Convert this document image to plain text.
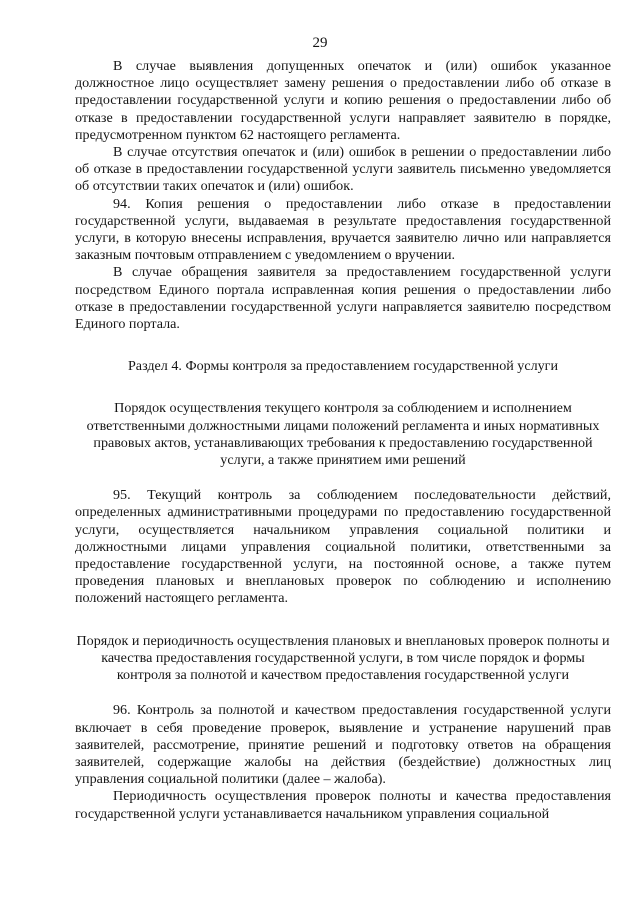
29

В случае выявления допущенных опечаток и (или) ошибок указанное должностное лицо осуществляет замену решения о предоставлении либо об отказе в предоставлении государственной услуги и копию решения о предоставлении либо об отказе в предоставлении государственной услуги направляет заявителю в порядке, предусмотренном пунктом 62 настоящего регламента.

В случае отсутствия опечаток и (или) ошибок в решении о предоставлении либо об отказе в предоставлении государственной услуги заявитель письменно уведомляется об отсутствии таких опечаток и (или) ошибок.

94. Копия решения о предоставлении либо отказе в предоставлении государственной услуги, выдаваемая в результате предоставления государственной услуги, в которую внесены исправления, вручается заявителю лично или направляется заказным почтовым отправлением с уведомлением о вручении.

В случае обращения заявителя за предоставлением государственной услуги посредством Единого портала исправленная копия решения о предоставлении либо отказе в предоставлении государственной услуги направляется заявителю посредством Единого портала.

Раздел 4. Формы контроля за предоставлением государственной услуги

Порядок осуществления текущего контроля за соблюдением и исполнением ответственными должностными лицами положений регламента и иных нормативных правовых актов, устанавливающих требования к предоставлению государственной услуги, а также принятием ими решений

95. Текущий контроль за соблюдением последовательности действий, определенных административными процедурами по предоставлению государственной услуги, осуществляется начальником управления социальной политики и должностными лицами управления социальной политики, ответственными за предоставление государственной услуги, на постоянной основе, а также путем проведения плановых и внеплановых проверок по соблюдению и исполнению положений настоящего регламента.

Порядок и периодичность осуществления плановых и внеплановых проверок полноты и качества предоставления государственной услуги, в том числе порядок и формы контроля за полнотой и качеством предоставления государственной услуги

96. Контроль за полнотой и качеством предоставления государственной услуги включает в себя проведение проверок, выявление и устранение нарушений прав заявителей, рассмотрение, принятие решений и подготовку ответов на обращения заявителей, содержащие жалобы на действия (бездействие) должностных лиц управления социальной политики (далее – жалоба).

Периодичность осуществления проверок полноты и качества предоставления государственной услуги устанавливается начальником управления социальной
